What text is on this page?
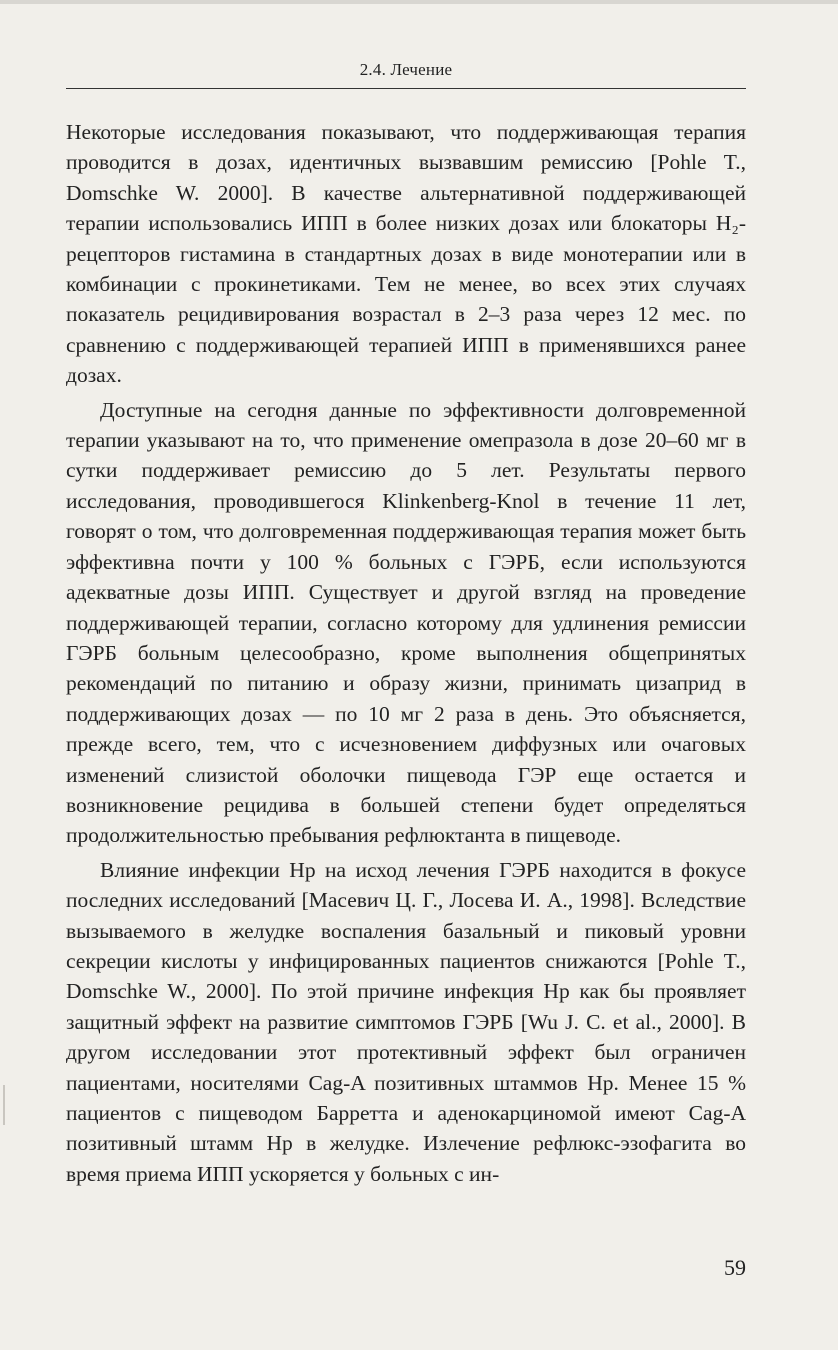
2.4. Лечение

Некоторые исследования показывают, что поддерживающая терапия проводится в дозах, идентичных вызвавшим ремиссию [Pohle T., Domschke W. 2000]. В качестве альтернативной поддерживающей терапии использовались ИПП в более низких дозах или блокаторы H₂-рецепторов гистамина в стандартных дозах в виде монотерапии или в комбинации с прокинетиками. Тем не менее, во всех этих случаях показатель рецидивирования возрастал в 2–3 раза через 12 мес. по сравнению с поддерживающей терапией ИПП в применявшихся ранее дозах.

Доступные на сегодня данные по эффективности долговременной терапии указывают на то, что применение омепразола в дозе 20–60 мг в сутки поддерживает ремиссию до 5 лет. Результаты первого исследования, проводившегося Klinkenberg-Knol в течение 11 лет, говорят о том, что долговременная поддерживающая терапия может быть эффективна почти у 100 % больных с ГЭРБ, если используются адекватные дозы ИПП. Существует и другой взгляд на проведение поддерживающей терапии, согласно которому для удлинения ремиссии ГЭРБ больным целесообразно, кроме выполнения общепринятых рекомендаций по питанию и образу жизни, принимать цизаприд в поддерживающих дозах — по 10 мг 2 раза в день. Это объясняется, прежде всего, тем, что с исчезновением диффузных или очаговых изменений слизистой оболочки пищевода ГЭР еще остается и возникновение рецидива в большей степени будет определяться продолжительностью пребывания рефлюктанта в пищеводе.

Влияние инфекции Hp на исход лечения ГЭРБ находится в фокусе последних исследований [Масевич Ц. Г., Лосева И. А., 1998]. Вследствие вызываемого в желудке воспаления базальный и пиковый уровни секреции кислоты у инфицированных пациентов снижаются [Pohle T., Domschke W., 2000]. По этой причине инфекция Hp как бы проявляет защитный эффект на развитие симптомов ГЭРБ [Wu J. C. et al., 2000]. В другом исследовании этот протективный эффект был ограничен пациентами, носителями Cag-A позитивных штаммов Hp. Менее 15 % пациентов с пищеводом Барретта и аденокарциномой имеют Cag-A позитивный штамм Hp в желудке. Излечение рефлюкс-эзофагита во время приема ИПП ускоряется у больных с ин-

59
